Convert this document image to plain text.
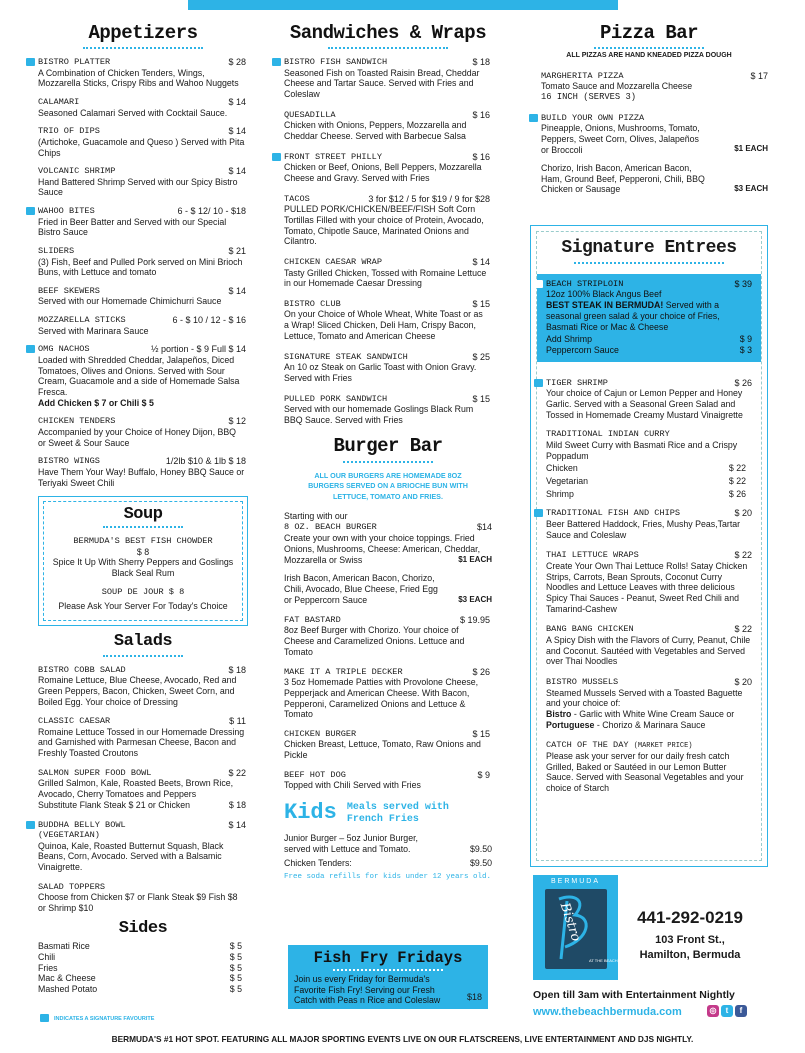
Appetizers
BISTRO PLATTER	$ 28
A Combination of Chicken Tenders, Wings, Mozzarella Sticks, Crispy Ribs and Wahoo Nuggets
CALAMARI	$ 14
Seasoned Calamari Served with Cocktail Sauce.
TRIO OF DIPS	$ 14
(Artichoke, Guacamole and Queso ) Served with Pita Chips
VOLCANIC SHRIMP	$ 14
Hand Battered Shrimp Served with our Spicy Bistro Sauce
WAHOO BITES	6 - $ 12/ 10 - $18
Fried in Beer Batter and Served with our Special Bistro Sauce
SLIDERS	$ 21
(3) Fish, Beef and Pulled Pork served on Mini Brioch Buns, with Lettuce and tomato
BEEF SKEWERS	$ 14
Served with our Homemade Chimichurri Sauce
MOZZARELLA STICKS	6 - $ 10 / 12 - $ 16
Served with Marinara Sauce
OMG NACHOS	½ portion - $ 9 Full $ 14
Loaded with Shredded Cheddar, Jalapeños, Diced Tomatoes, Olives and Onions. Served with Sour Cream, Guacamole and a side of Homemade Salsa Fresca.
Add Chicken $ 7 or Chili $ 5
CHICKEN TENDERS	$ 12
Accompanied by your Choice of Honey Dijon, BBQ or Sweet & Sour Sauce
BISTRO WINGS	1/2lb $10 & 1lb $ 18
Have Them Your Way! Buffalo, Honey BBQ Sauce or Teriyaki Sweet Chili
Soup
BERMUDA'S BEST FISH CHOWDER
$ 8
Spice It Up With Sherry Peppers and Goslings Black Seal Rum
SOUP DE JOUR $ 8
Please Ask Your Server For Today's Choice
Salads
BISTRO COBB SALAD	$ 18
Romaine Lettuce, Blue Cheese, Avocado, Red and Green Peppers, Bacon, Chicken, Sweet Corn, and Boiled Egg. Your choice of Dressing
CLASSIC CAESAR	$ 11
Romaine Lettuce Tossed in our Homemade Dressing and Garnished with Parmesan Cheese, Bacon and Freshly Toasted Croutons
SALMON SUPER FOOD BOWL	$ 22
Grilled Salmon, Kale, Roasted Beets, Brown Rice, Avocado, Cherry Tomatoes and Peppers
Substitute Flank Steak $ 21 or Chicken	$ 18
BUDDHA BELLY BOWL (VEGETARIAN)
$ 14
Quinoa, Kale, Roasted Butternut Squash, Black Beans, Corn, Avocado. Served with a Balsamic Vinaigrette.
SALAD TOPPERS
Choose from Chicken $7 or Flank Steak $9 Fish $8 or Shrimp $10
Sides
Basmati Rice	$ 5
Chili	$ 5
Fries	$ 5
Mac & Cheese	$ 5
Mashed Potato	$ 5
INDICATES A SIGNATURE FAVOURITE
Sandwiches & Wraps
BISTRO FISH SANDWICH	$ 18
Seasoned Fish on Toasted Raisin Bread, Cheddar Cheese and Tartar Sauce. Served with Fries and Coleslaw
QUESADILLA	$ 16
Chicken with Onions, Peppers, Mozzarella and Cheddar Cheese. Served with Barbecue Salsa
FRONT STREET PHILLY	$ 16
Chicken or Beef, Onions, Bell Peppers, Mozzarella Cheese and Gravy. Served with Fries
TACOS	3 for $12 / 5 for $19 / 9 for $28
PULLED PORK/CHICKEN/BEEF/FISH Soft Corn Tortillas Filled with your choice of Protein, Avocado, Tomato, Chipotle Sauce, Marinated Onions and Cilantro.
CHICKEN CAESAR WRAP	$ 14
Tasty Grilled Chicken, Tossed with Romaine Lettuce in our Homemade Caesar Dressing
BISTRO CLUB	$ 15
On your Choice of Whole Wheat, White Toast or as a Wrap! Sliced Chicken, Deli Ham, Crispy Bacon, Lettuce, Tomato and American Cheese
SIGNATURE STEAK SANDWICH	$ 25
An 10 oz Steak on Garlic Toast with Onion Gravy. Served with Fries
PULLED PORK SANDWICH	$ 15
Served with our homemade Goslings Black Rum BBQ Sauce. Served with Fries
Burger Bar
ALL OUR BURGERS ARE HOMEMADE 8OZ BURGERS SERVED ON A BRIOCHE BUN WITH LETTUCE, TOMATO AND FRIES.
Starting with our
8 OZ. BEACH BURGER	$14
Create your own with your choice toppings. Fried Onions, Mushrooms, Cheese: American, Cheddar, Mozzarella or Swiss	$1 EACH
Irish Bacon, American Bacon, Chorizo, Chili, Avocado, Blue Cheese, Fried Egg or Peppercorn Sauce	$3 EACH
FAT BASTARD	$ 19.95
8oz Beef Burger with Chorizo. Your choice of Cheese and Caramelized Onions. Lettuce and Tomato
MAKE IT A TRIPLE DECKER	$ 26
3 5oz Homemade Patties with Provolone Cheese, Pepperjack and American Cheese. With Bacon, Pepperoni, Caramelized Onions and Lettuce & Tomato
CHICKEN BURGER	$ 15
Chicken Breast, Lettuce, Tomato, Raw Onions and Pickle
BEEF HOT DOG	$ 9
Topped with Chili Served with Fries
Kids Meals served with French Fries
Junior Burger – 5oz Junior Burger, served with Lettuce and Tomato.	$9.50
Chicken Tenders:	$9.50
Free soda refills for kids under 12 years old.
Fish Fry Fridays
Join us every Friday for Bermuda's Favorite Fish Fry! Serving our Fresh Catch with Peas n Rice and Coleslaw	$18
Pizza Bar
ALL PIZZAS ARE HAND KNEADED PIZZA DOUGH
MARGHERITA PIZZA	$ 17
Tomato Sauce and Mozzarella Cheese
16 INCH (SERVES 3)
BUILD YOUR OWN PIZZA
Pineapple, Onions, Mushrooms, Tomato, Peppers, Sweet Corn, Olives, Jalapeños or Broccoli	$1 EACH
Chorizo, Irish Bacon, American Bacon, Ham, Ground Beef, Pepperoni, Chili, BBQ Chicken or Sausage	$3 EACH
Signature Entrees
BEACH STRIPLOIN	$ 39
12oz 100% Black Angus Beef
BEST STEAK IN BERMUDA! Served with a seasonal green salad & your choice of Fries, Basmati Rice or Mac & Cheese
Add Shrimp	$ 9
Peppercorn Sauce	$ 3
TIGER SHRIMP	$ 26
Your choice of Cajun or Lemon Pepper and Honey Garlic. Served with a Seasonal Green Salad and Tossed in Homemade Creamy Mustard Vinaigrette
TRADITIONAL INDIAN CURRY
Mild Sweet Curry with Basmati Rice and a Crispy Poppadum
Chicken	$ 22
Vegetarian	$ 22
Shrimp	$ 26
TRADITIONAL FISH AND CHIPS	$ 20
Beer Battered Haddock, Fries, Mushy Peas,Tartar Sauce and Coleslaw
THAI LETTUCE WRAPS	$ 22
Create Your Own Thai Lettuce Rolls! Satay Chicken Strips, Carrots, Bean Sprouts, Coconut Curry Noodles and Lettuce Leaves with three delicious Spicy Thai Sauces - Peanut, Sweet Red Chili and Tamarind-Cashew
BANG BANG CHICKEN	$ 22
A Spicy Dish with the Flavors of Curry, Peanut, Chile and Coconut. Sautéed with Vegetables and Served over Thai Noodles
BISTRO MUSSELS	$ 20
Steamed Mussels Served with a Toasted Baguette and your choice of:
Bistro - Garlic with White Wine Cream Sauce or
Portuguese - Chorizo & Marinara Sauce
CATCH OF THE DAY (MARKET PRICE)
Please ask your server for our daily fresh catch Grilled, Baked or Sautéed in our Lemon Butter Sauce. Served with Seasonal Vegetables and your choice of Starch
BERMUDA
Bistro
AT THE BEACH
441-292-0219
103 Front St.,
Hamilton, Bermuda
Open till 3am with Entertainment Nightly
www.thebeachbermuda.com	◎	t	f
BERMUDA'S #1 HOT SPOT. FEATURING ALL MAJOR SPORTING EVENTS LIVE ON OUR FLATSCREENS, LIVE ENTERTAINMENT AND DJS NIGHTLY.
